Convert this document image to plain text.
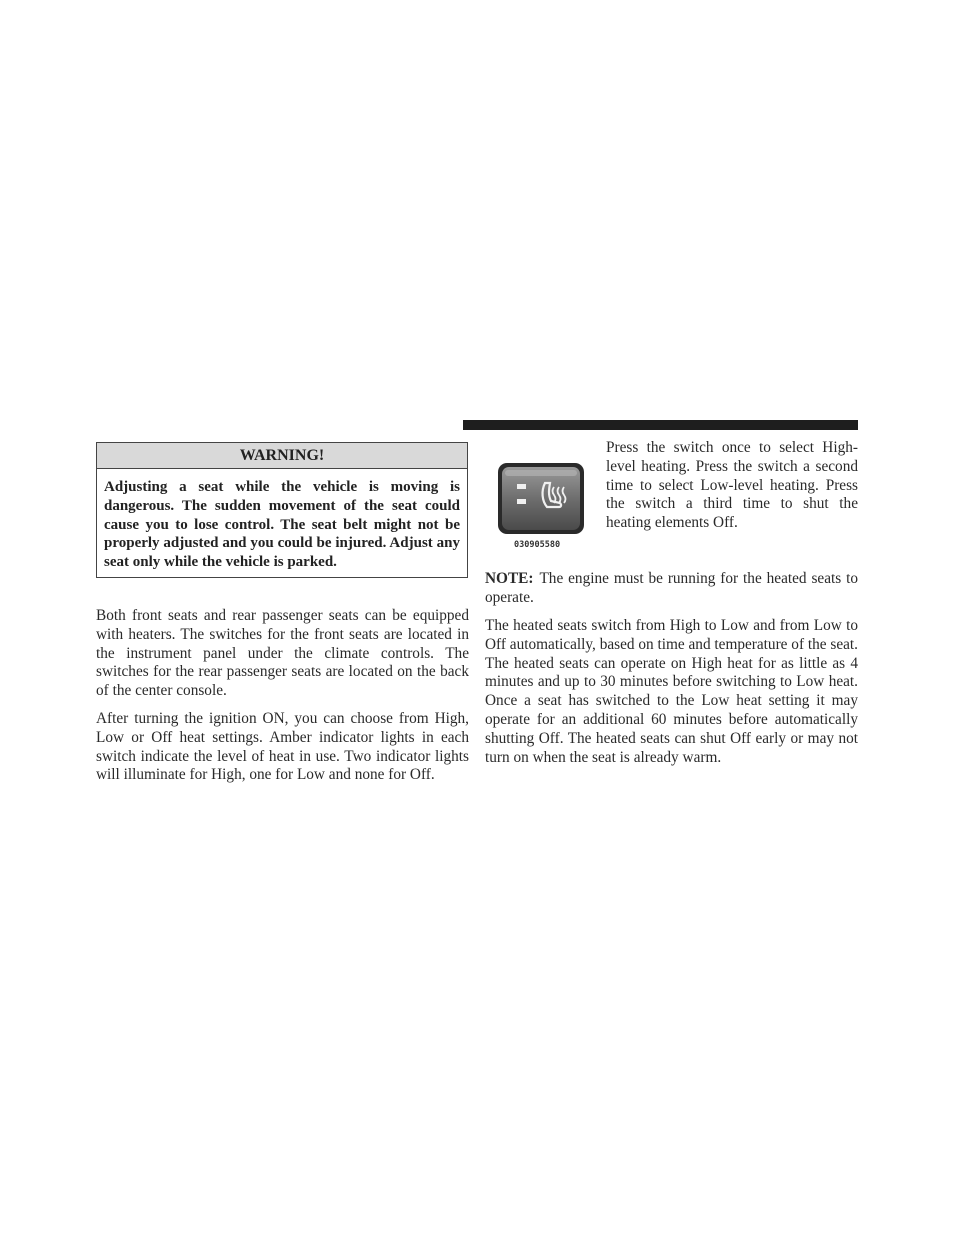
WARNING!
Adjusting a seat while the vehicle is moving is dangerous. The sudden movement of the seat could cause you to lose control. The seat belt might not be properly adjusted and you could be injured. Adjust any seat only while the vehicle is parked.

Both front seats and rear passenger seats can be equipped with heaters. The switches for the front seats are located in the instrument panel under the climate controls. The switches for the rear passenger seats are located on the back of the center console.

After turning the ignition ON, you can choose from High, Low or Off heat settings. Amber indicator lights in each switch indicate the level of heat in use. Two indicator lights will illuminate for High, one for Low and none for Off.

030905580

Press the switch once to select High-level heating. Press the switch a second time to select Low-level heating. Press the switch a third time to shut the heating elements Off.

NOTE: The engine must be running for the heated seats to operate.

The heated seats switch from High to Low and from Low to Off automatically, based on time and temperature of the seat. The heated seats can operate on High heat for as little as 4 minutes and up to 30 minutes before switching to Low heat. Once a seat has switched to the Low heat setting it may operate for an additional 60 minutes before automatically shutting Off. The heated seats can shut Off early or may not turn on when the seat is already warm.
